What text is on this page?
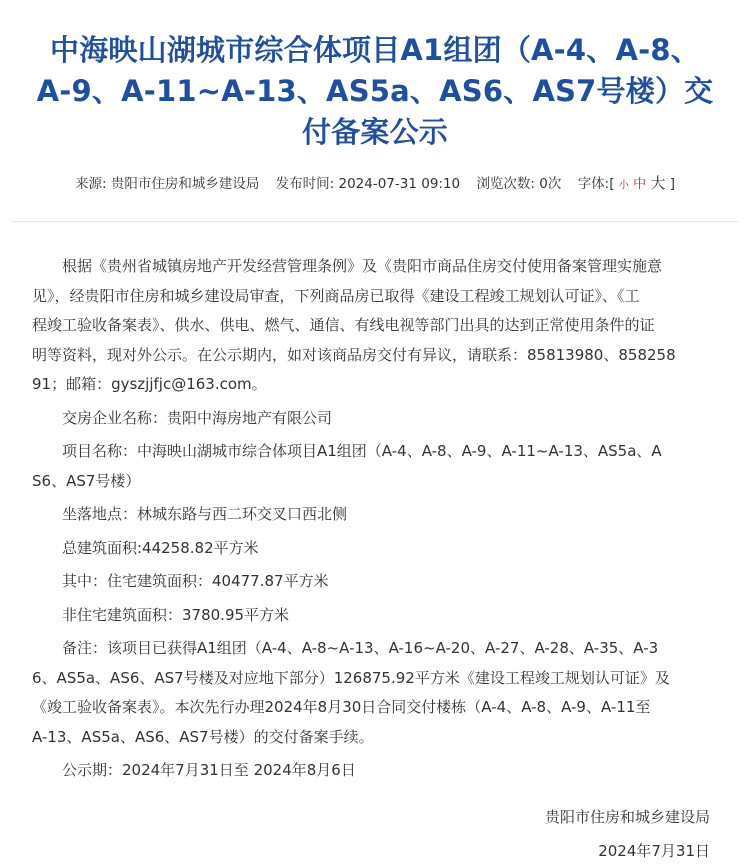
中海映山湖城市综合体项目A1组团（A-4、A-8、
A-9、A-11~A-13、AS5a、AS6、AS7号楼）交
付备案公示
来源: 贵阳市住房和城乡建设局 发布时间: 2024-07-31 09:10 浏览次数: 0次 字体:[ 小 中 大 ]

根据《贵州省城镇房地产开发经营管理条例》及《贵阳市商品住房交付使用备案管理实施意
见》，经贵阳市住房和城乡建设局审查，下列商品房已取得《建设工程竣工规划认可证》、《工
程竣工验收备案表》、供水、供电、燃气、通信、有线电视等部门出具的达到正常使用条件的证
明等资料，现对外公示。在公示期内，如对该商品房交付有异议，请联系：85813980、858258
91；邮箱：gyszjjfjc@163.com。

交房企业名称：贵阳中海房地产有限公司

项目名称：中海映山湖城市综合体项目A1组团（A-4、A-8、A-9、A-11~A-13、AS5a、A
S6、AS7号楼）

坐落地点：林城东路与西二环交叉口西北侧

总建筑面积:44258.82平方米

其中：住宅建筑面积：40477.87平方米

非住宅建筑面积：3780.95平方米

备注：该项目已获得A1组团（A-4、A-8~A-13、A-16~A-20、A-27、A-28、A-35、A-3
6、AS5a、AS6、AS7号楼及对应地下部分）126875.92平方米《建设工程竣工规划认可证》及
《竣工验收备案表》。本次先行办理2024年8月30日合同交付楼栋（A-4、A-8、A-9、A-11至
A-13、AS5a、AS6、AS7号楼）的交付备案手续。

公示期：2024年7月31日至 2024年8月6日

贵阳市住房和城乡建设局
2024年7月31日
